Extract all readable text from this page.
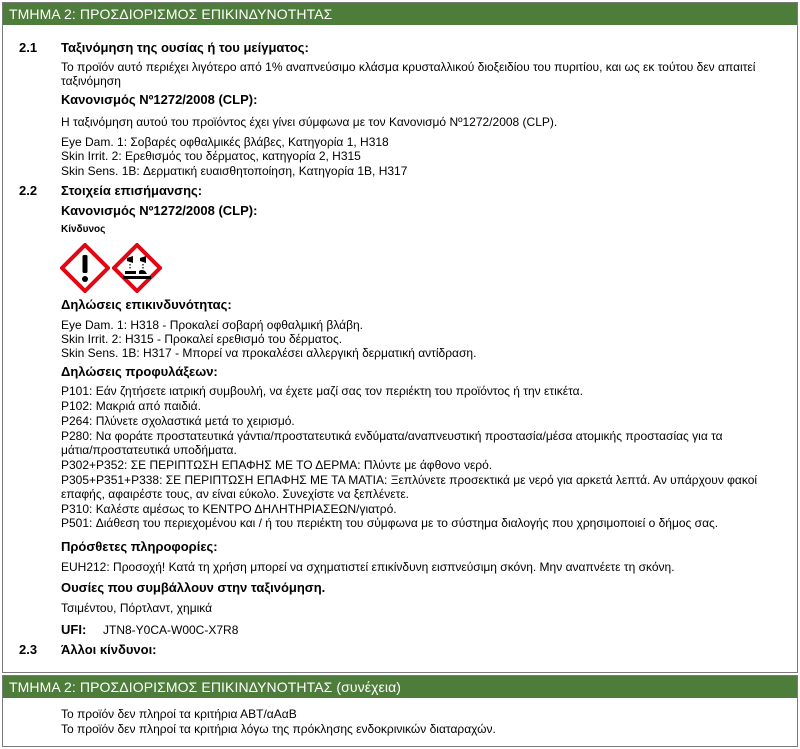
ΤΜΗΜΑ 2: ΠΡΟΣΔΙΟΡΙΣΜΟΣ ΕΠΙΚΙΝΔΥΝΟΤΗΤΑΣ
2.1 Ταξινόμηση της ουσίας ή του μείγματος:
Το προϊόν αυτό περιέχει λιγότερο από 1% αναπνεύσιμο κλάσμα κρυσταλλικού διοξειδίου του πυριτίου, και ως εκ τούτου δεν απαιτεί
ταξινόμηση
Κανονισμός Nº1272/2008 (CLP):
Η ταξινόμηση αυτού του προϊόντος έχει γίνει σύμφωνα με τον Κανονισμό Nº1272/2008 (CLP).
Eye Dam. 1: Σοβαρές οφθαλμικές βλάβες, Κατηγορία 1, H318
Skin Irrit. 2: Ερεθισμός του δέρματος, κατηγορία 2, H315
Skin Sens. 1B: Δερματική ευαισθητοποίηση, Κατηγορία 1B, H317
2.2 Στοιχεία επισήμανσης:
Κανονισμός Nº1272/2008 (CLP):
Κίνδυνος
Δηλώσεις επικινδυνότητας:
Eye Dam. 1: H318 - Προκαλεί σοβαρή οφθαλμική βλάβη.
Skin Irrit. 2: H315 - Προκαλεί ερεθισμό του δέρματος.
Skin Sens. 1B: H317 - Μπορεί να προκαλέσει αλλεργική δερματική αντίδραση.
Δηλώσεις προφυλάξεων:
P101: Εάν ζητήσετε ιατρική συμβουλή, να έχετε μαζί σας τον περιέκτη του προϊόντος ή την ετικέτα.
P102: Μακριά από παιδιά.
P264: Πλύνετε σχολαστικά μετά το χειρισμό.
P280: Να φοράτε προστατευτικά γάντια/προστατευτικά ενδύματα/αναπνευστική προστασία/μέσα ατομικής προστασίας για τα
μάτια/προστατευτικά υποδήματα.
P302+P352: ΣΕ ΠΕΡΙΠΤΩΣΗ ΕΠΑΦΗΣ ΜΕ ΤΟ ΔΕΡΜΑ: Πλύντε με άφθονο νερό.
P305+P351+P338: ΣΕ ΠΕΡΙΠΤΩΣΗ ΕΠΑΦΗΣ ΜΕ ΤΑ ΜΑΤΙΑ: Ξεπλύνετε προσεκτικά με νερό για αρκετά λεπτά. Αν υπάρχουν φακοί
επαφής, αφαιρέστε τους, αν είναι εύκολο. Συνεχίστε να ξεπλένετε.
P310: Καλέστε αμέσως το ΚΕΝΤΡΟ ΔΗΛΗΤΗΡΙΑΣΕΩΝ/γιατρό.
P501: Διάθεση του περιεχομένου και / ή του περιέκτη του σύμφωνα με το σύστημα διαλογής που χρησιμοποιεί ο δήμος σας.
Πρόσθετες πληροφορίες:
EUH212: Προσοχή! Κατά τη χρήση μπορεί να σχηματιστεί επικίνδυνη εισπνεύσιμη σκόνη. Μην αναπνέετε τη σκόνη.
Ουσίες που συμβάλλουν στην ταξινόμηση.
Τσιμέντου, Πόρτλαντ, χημικά
UFI: JTN8-Y0CA-W00C-X7R8
2.3 Άλλοι κίνδυνοι:
ΤΜΗΜΑ 2: ΠΡΟΣΔΙΟΡΙΣΜΟΣ ΕΠΙΚΙΝΔΥΝΟΤΗΤΑΣ (συνέχεια)
Το προϊόν δεν πληροί τα κριτήρια ΑΒΤ/αΑαΒ
Το προϊόν δεν πληροί τα κριτήρια λόγω της πρόκλησης ενδοκρινικών διαταραχών.
